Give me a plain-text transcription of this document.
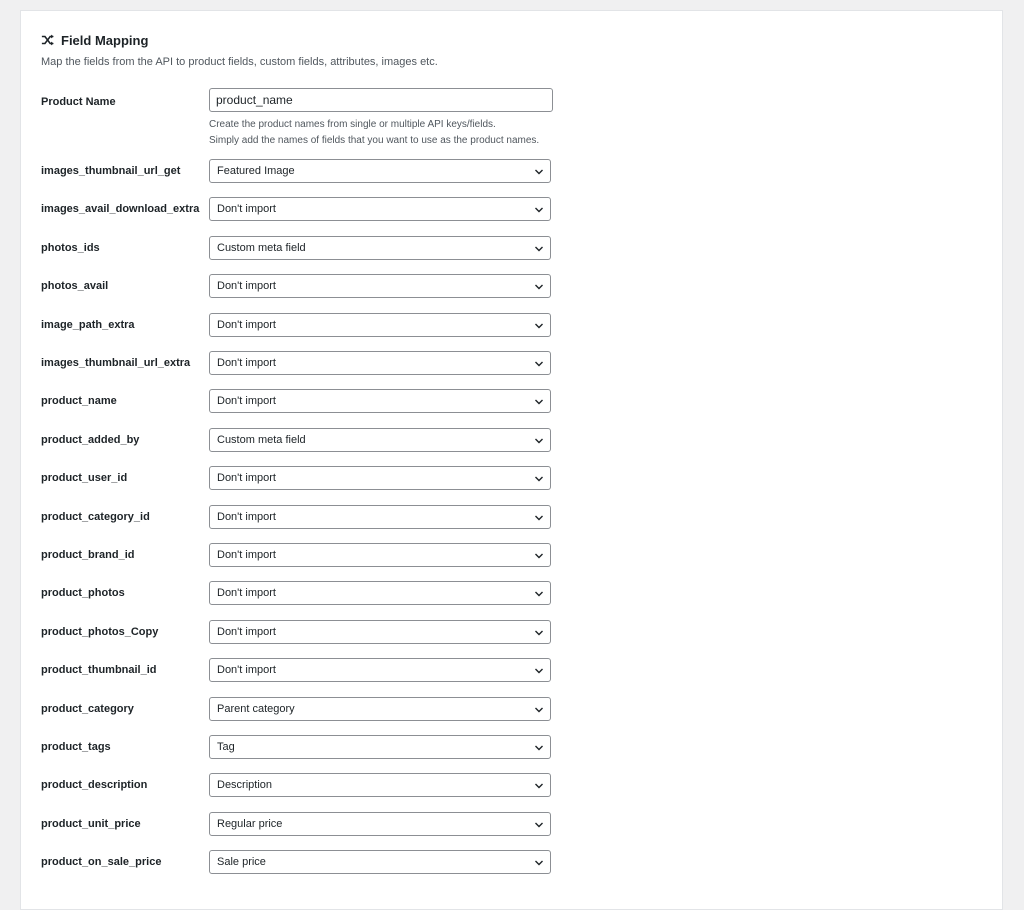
Field Mapping
Map the fields from the API to product fields, custom fields, attributes, images etc.
Product Name
product_name
Create the product names from single or multiple API keys/fields.
Simply add the names of fields that you want to use as the product names.
images_thumbnail_url_get	Featured Image
images_avail_download_extra Don't import
photos_ids	Custom meta field
photos_avail	Don't import
image_path_extra	Don't import
images_thumbnail_url_extra Don't import
product_name	Don't import
product_added_by	Custom meta field
product_user_id	Don't import
product_category_id	Don't import
product_brand_id	Don't import
product_photos	Don't import
product_photos_Copy	Don't import
product_thumbnail_id	Don't import
product_category	Parent category
product_tags	Tag
product_description	Description
product_unit_price	Regular price
product_on_sale_price	Sale price
